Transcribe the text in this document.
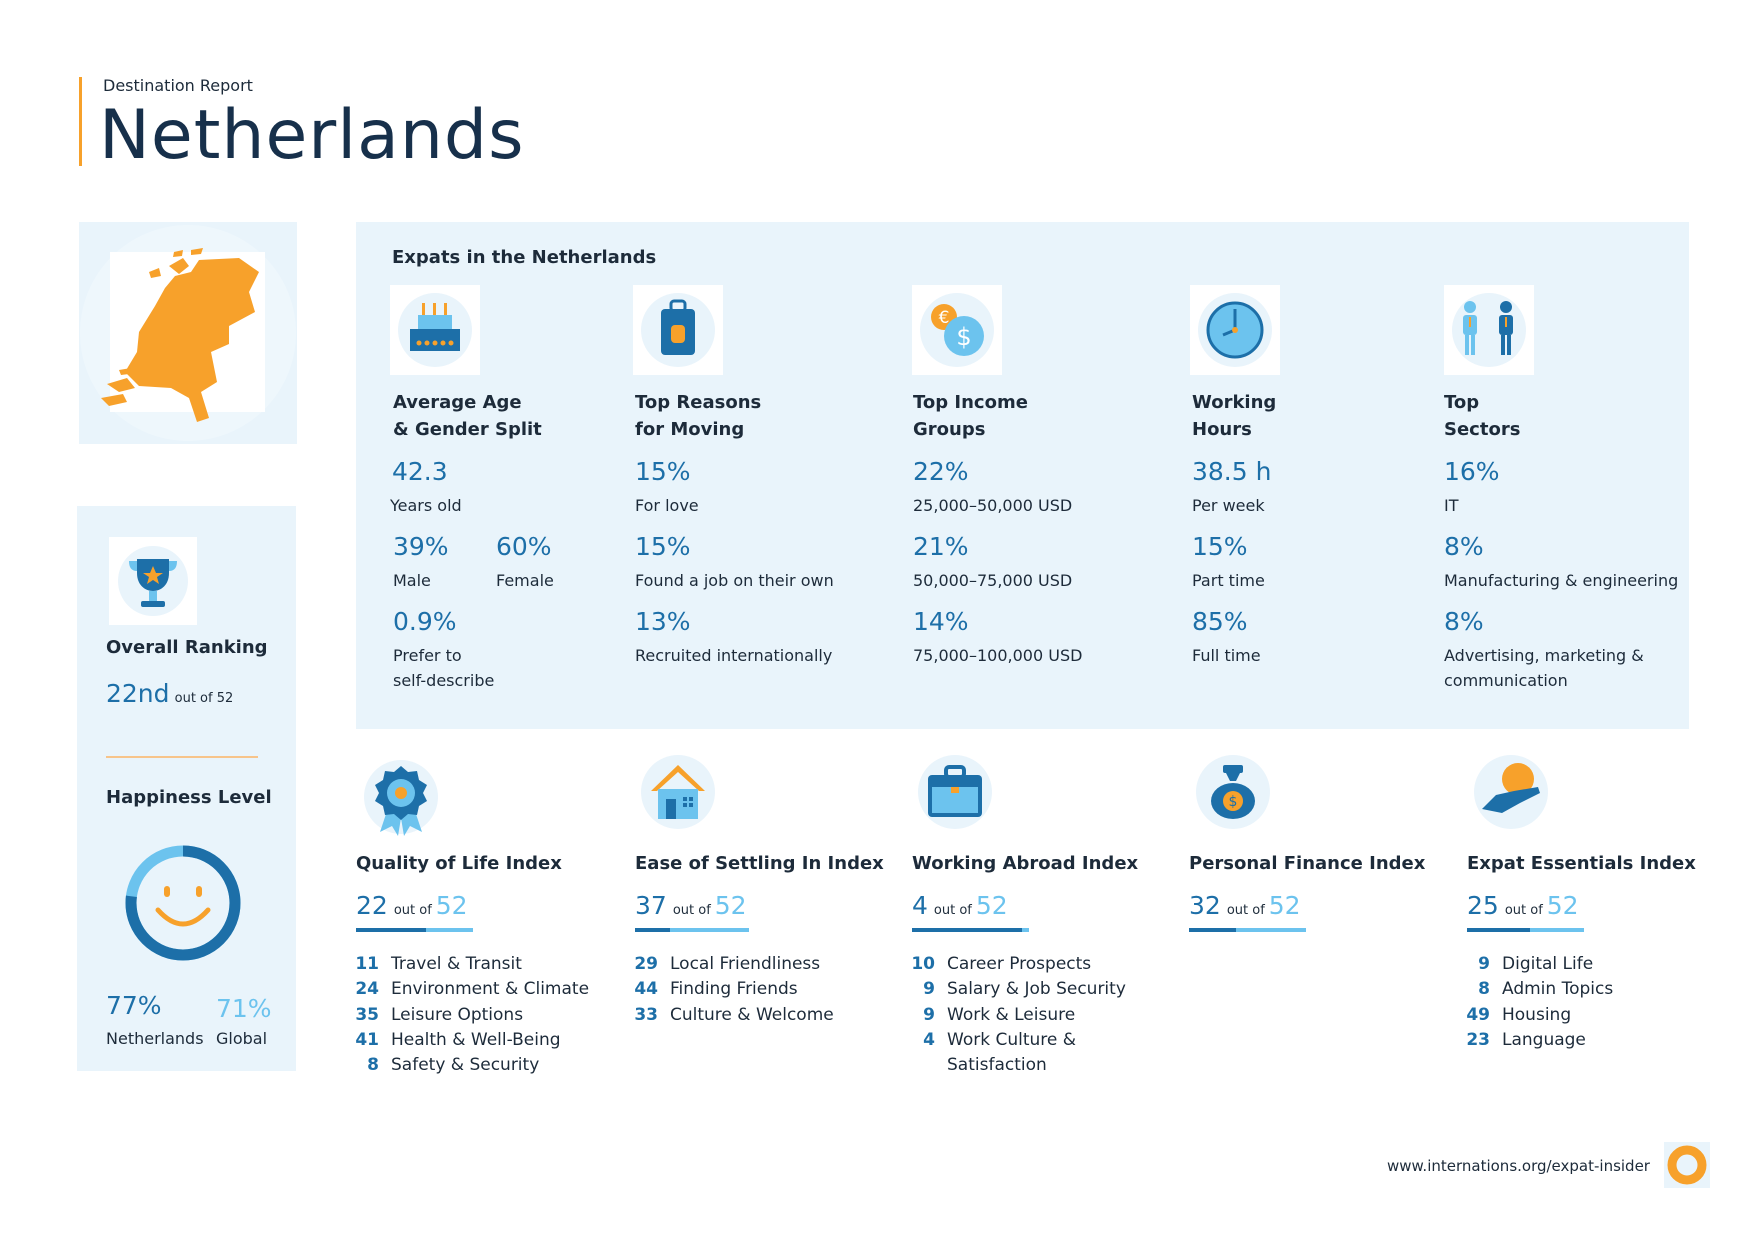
Destination Report
Netherlands
Overall Ranking
22nd out of 52
Happiness Level
77% 71%
Netherlands Global
Expats in the Netherlands
Average Age
& Gender Split
42.3
Years old
39%
Male
60%
Female
0.9%
Prefer to
self-describe
Top Reasons
for Moving
15%
For love
15%
Found a job on their own
13%
Recruited internationally
€
$
Top Income
Groups
22%
25,000–50,000 USD
21%
50,000–75,000 USD
14%
75,000–100,000 USD
Working
Hours
38.5 h
Per week
15%
Part time
85%
Full time
Top
Sectors
16%
IT
8%
Manufacturing & engineering
8%
Advertising, marketing &
communication
Quality of Life Index
22 out of 52
11 Travel & Transit
24 Environment & Climate
35 Leisure Options
41 Health & Well-Being
8 Safety & Security
Ease of Settling In Index
37 out of 52
29 Local Friendliness
44 Finding Friends
33 Culture & Welcome
Working Abroad Index
4 out of 52
10 Career Prospects
9 Salary & Job Security
9 Work & Leisure
4 Work Culture &
Satisfaction
$
Personal Finance Index
32 out of 52
Expat Essentials Index
25 out of 52
9 Digital Life
8 Admin Topics
49 Housing
23 Language
www.internations.org/expat-insider
